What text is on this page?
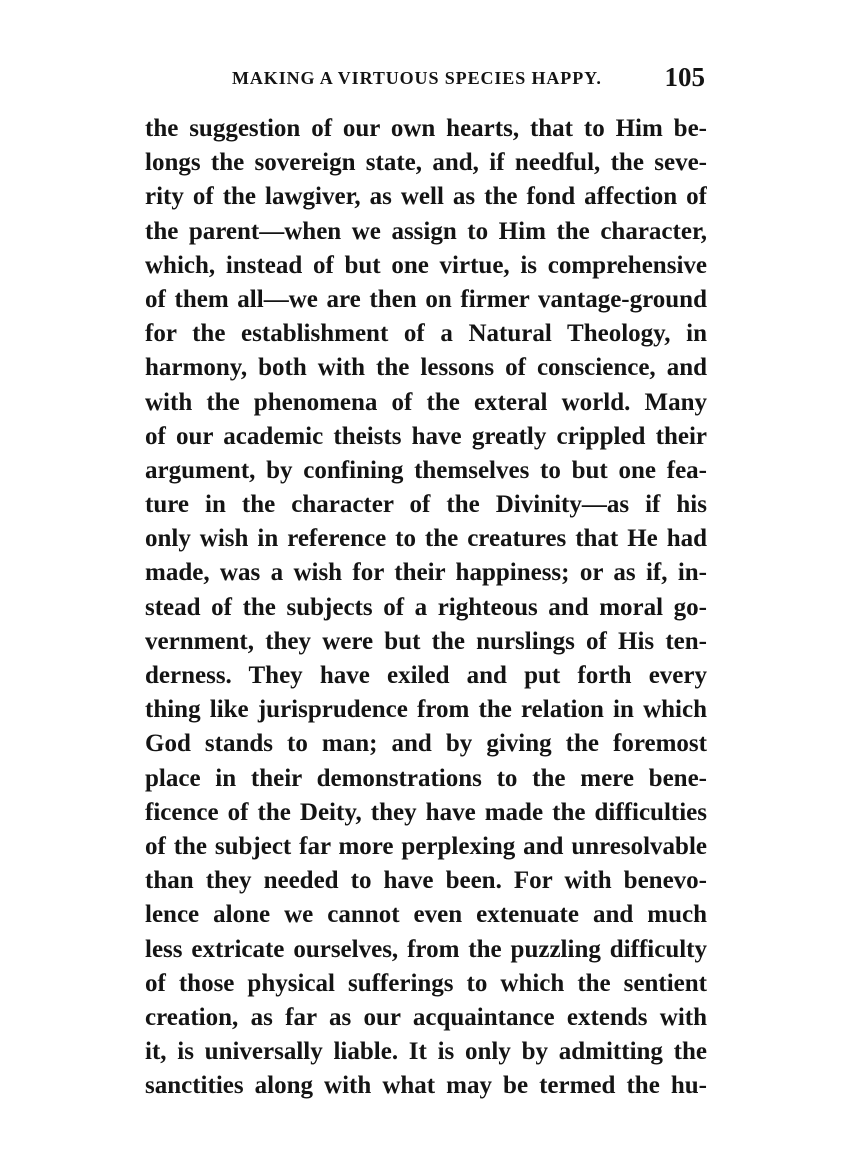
MAKING A VIRTUOUS SPECIES HAPPY. 105
the suggestion of our own hearts, that to Him be-
longs the sovereign state, and, if needful, the seve-
rity of the lawgiver, as well as the fond affection of
the parent—when we assign to Him the character,
which, instead of but one virtue, is comprehensive
of them all—we are then on firmer vantage-ground
for the establishment of a Natural Theology, in
harmony, both with the lessons of conscience, and
with the phenomena of the exteral world. Many
of our academic theists have greatly crippled their
argument, by confining themselves to but one fea-
ture in the character of the Divinity—as if his
only wish in reference to the creatures that He had
made, was a wish for their happiness; or as if, in-
stead of the subjects of a righteous and moral go-
vernment, they were but the nurslings of His ten-
derness. They have exiled and put forth every
thing like jurisprudence from the relation in which
God stands to man; and by giving the foremost
place in their demonstrations to the mere bene-
ficence of the Deity, they have made the difficulties
of the subject far more perplexing and unresolvable
than they needed to have been. For with benevo-
lence alone we cannot even extenuate and much
less extricate ourselves, from the puzzling difficulty
of those physical sufferings to which the sentient
creation, as far as our acquaintance extends with
it, is universally liable. It is only by admitting the
sanctities along with what may be termed the hu-
